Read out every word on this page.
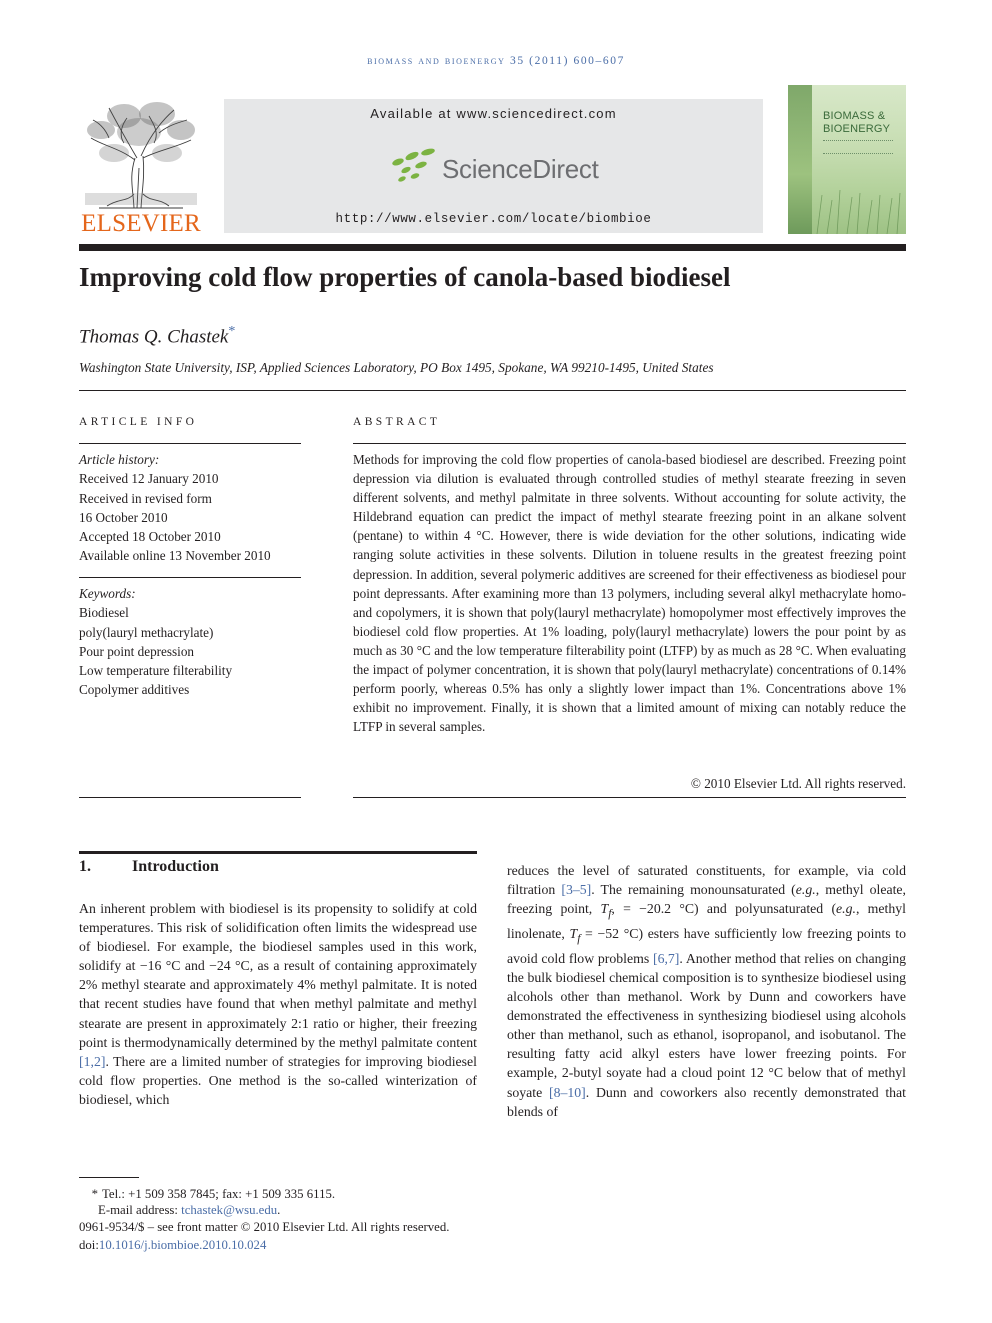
biomass and bioenergy 35 (2011) 600–607
ELSEVIER
Available at www.sciencedirect.com
ScienceDirect
http://www.elsevier.com/locate/biombioe
BIOMASS &
BIOENERGY
Improving cold flow properties of canola-based biodiesel
Thomas Q. Chastek*
Washington State University, ISP, Applied Sciences Laboratory, PO Box 1495, Spokane, WA 99210-1495, United States
ARTICLE INFO
Article history:
Received 12 January 2010
Received in revised form
16 October 2010
Accepted 18 October 2010
Available online 13 November 2010
Keywords:
Biodiesel
poly(lauryl methacrylate)
Pour point depression
Low temperature filterability
Copolymer additives
ABSTRACT
Methods for improving the cold flow properties of canola-based biodiesel are described. Freezing point depression via dilution is evaluated through controlled studies of methyl stearate freezing in seven different solvents, and methyl palmitate in three solvents. Without accounting for solute activity, the Hildebrand equation can predict the impact of methyl stearate freezing point in an alkane solvent (pentane) to within 4 °C. However, there is wide deviation for the other solutions, indicating wide ranging solute activities in these solvents. Dilution in toluene results in the greatest freezing point depression. In addition, several polymeric additives are screened for their effectiveness as biodiesel pour point depressants. After examining more than 13 polymers, including several alkyl methacrylate homo- and copolymers, it is shown that poly(lauryl methacrylate) homopolymer most effectively improves the biodiesel cold flow properties. At 1% loading, poly(lauryl methacrylate) lowers the pour point by as much as 30 °C and the low temperature filterability point (LTFP) by as much as 28 °C. When evaluating the impact of polymer concentration, it is shown that poly(lauryl methacrylate) concentrations of 0.14% perform poorly, whereas 0.5% has only a slightly lower impact than 1%. Concentrations above 1% exhibit no improvement. Finally, it is shown that a limited amount of mixing can notably reduce the LTFP in several samples.
© 2010 Elsevier Ltd. All rights reserved.
1.	Introduction
An inherent problem with biodiesel is its propensity to solidify at cold temperatures. This risk of solidification often limits the widespread use of biodiesel. For example, the biodiesel samples used in this work, solidify at −16 °C and −24 °C, as a result of containing approximately 2% methyl stearate and approximately 4% methyl palmitate. It is noted that recent studies have found that when methyl palmitate and methyl stearate are present in approximately 2:1 ratio or higher, their freezing point is thermodynamically determined by the methyl palmitate content [1,2]. There are a limited number of strategies for improving biodiesel cold flow properties. One method is the so-called winterization of biodiesel, which
reduces the level of saturated constituents, for example, via cold filtration [3–5]. The remaining monounsaturated (e.g., methyl oleate, freezing point, $T_f$, = −20.2 °C) and polyunsaturated (e.g., methyl linolenate, $T_f = -52$ °C) esters have sufficiently low freezing points to avoid cold flow problems [6,7]. Another method that relies on changing the bulk biodiesel chemical composition is to synthesize biodiesel using alcohols other than methanol. Work by Dunn and coworkers have demonstrated the effectiveness in synthesizing biodiesel using alcohols other than methanol, such as ethanol, isopropanol, and isobutanol. The resulting fatty acid alkyl esters have lower freezing points. For example, 2-butyl soyate had a cloud point 12 °C below that of methyl soyate [8–10]. Dunn and coworkers also recently demonstrated that blends of
* Tel.: +1 509 358 7845; fax: +1 509 335 6115.
E-mail address: tchastek@wsu.edu.
0961-9534/$ – see front matter © 2010 Elsevier Ltd. All rights reserved.
doi:10.1016/j.biombioe.2010.10.024
